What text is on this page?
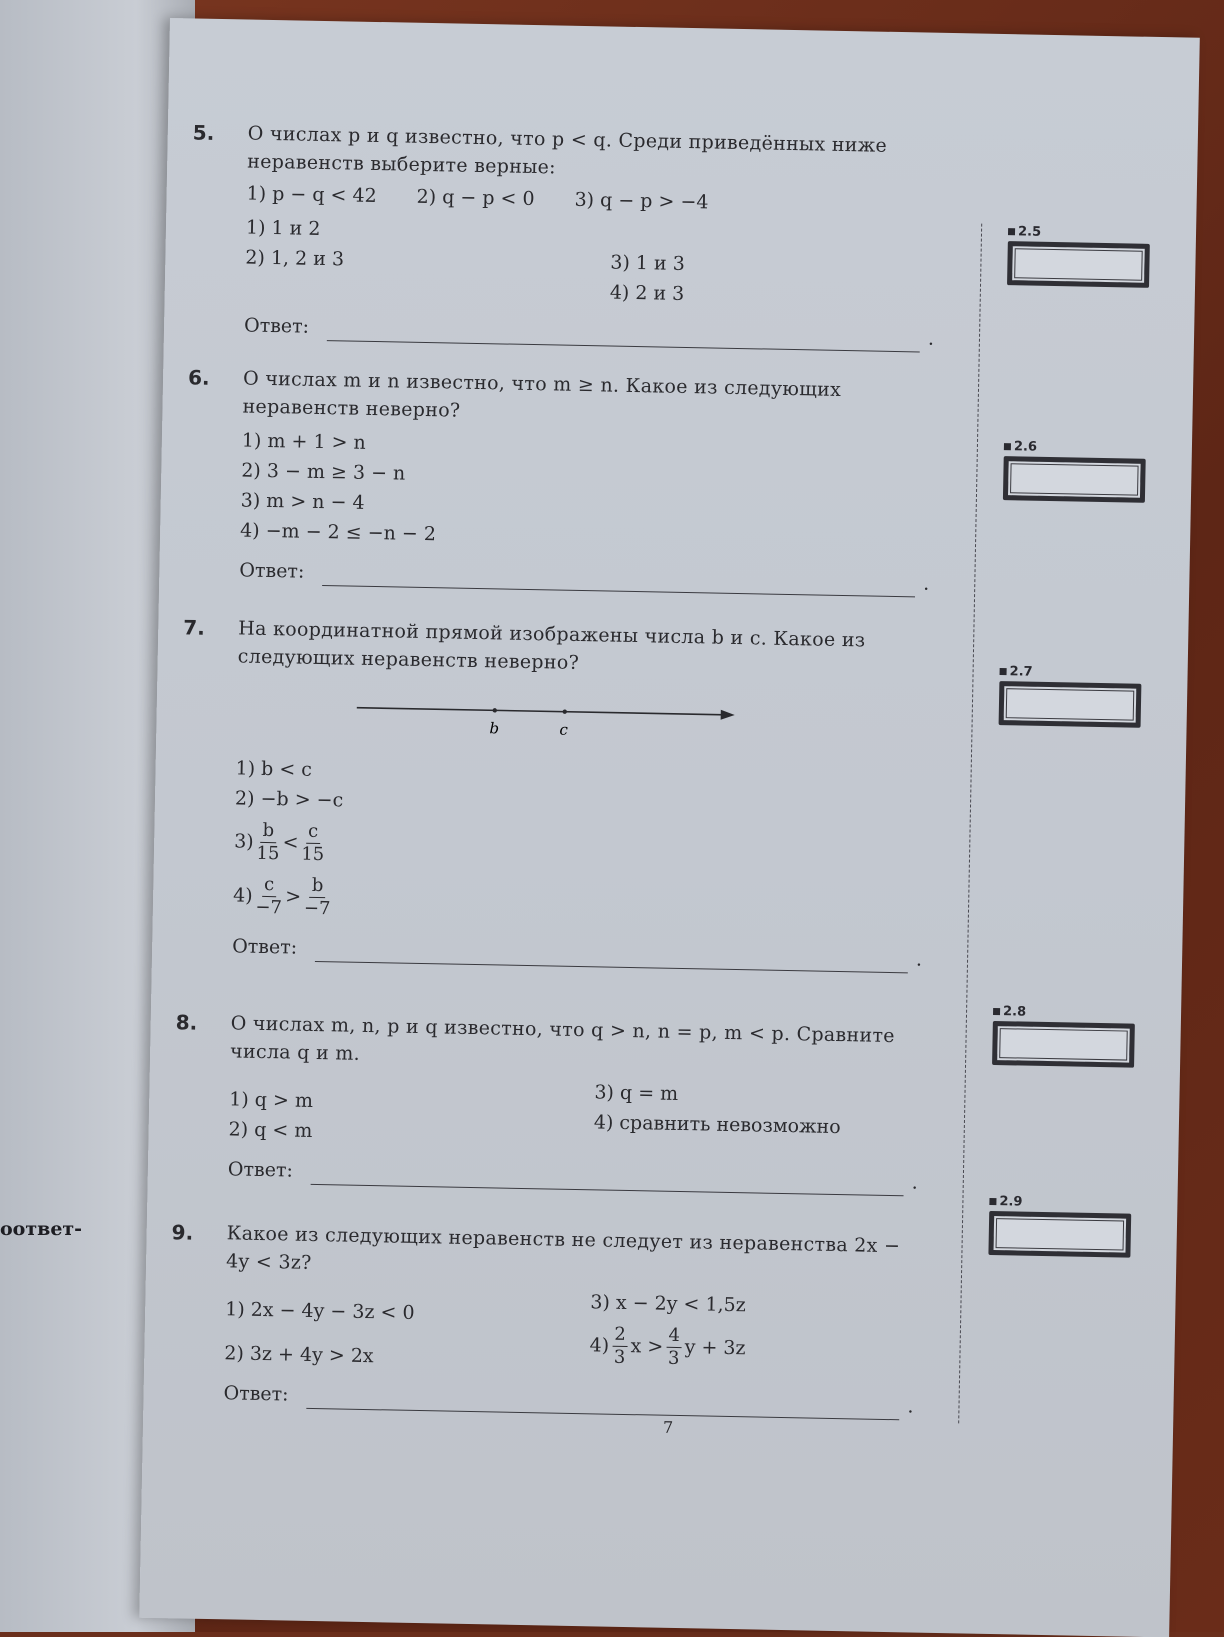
оответ-
5. О числах p и q известно, что p < q. Среди приведённых ниже неравенств выберите верные:
1) p − q < 42 2) q − p < 0 3) q − p > −4
1) 1 и 2
2) 1, 2 и 3	3) 1 и 3
4) 2 и 3
Ответ:
.
2.5
6. О числах m и n известно, что m ≥ n. Какое из следующих неравенств неверно?
1) m + 1 > n
2) 3 − m ≥ 3 − n
3) m > n − 4
4) −m − 2 ≤ −n − 2
Ответ:
.
2.6
7. На координатной прямой изображены числа b и c. Какое из следующих неравенств неверно?
b	c
1) b < c
2) −b > −c
$3) \frac{b}{15} < \frac{c}{15}$
$4) \frac{c}{-7} > \frac{b}{-7}$
Ответ:
.
2.7
8. О числах m, n, p и q известно, что q > n, n = p, m < p. Сравните числа q и m.
1) q > m
2) q < m
3) q = m
4) сравнить невозможно
Ответ:
.
2.8
9. Какое из следующих неравенств не следует из неравенства 2x − 4y < 3z?
1) 2x − 4y − 3z < 0
2) 3z + 4y > 2x
3) x − 2y < 1,5z
$4) \frac{2}{3}$ $x > \frac{4}{3}$ y + 3z
Ответ:
.
2.9
7
